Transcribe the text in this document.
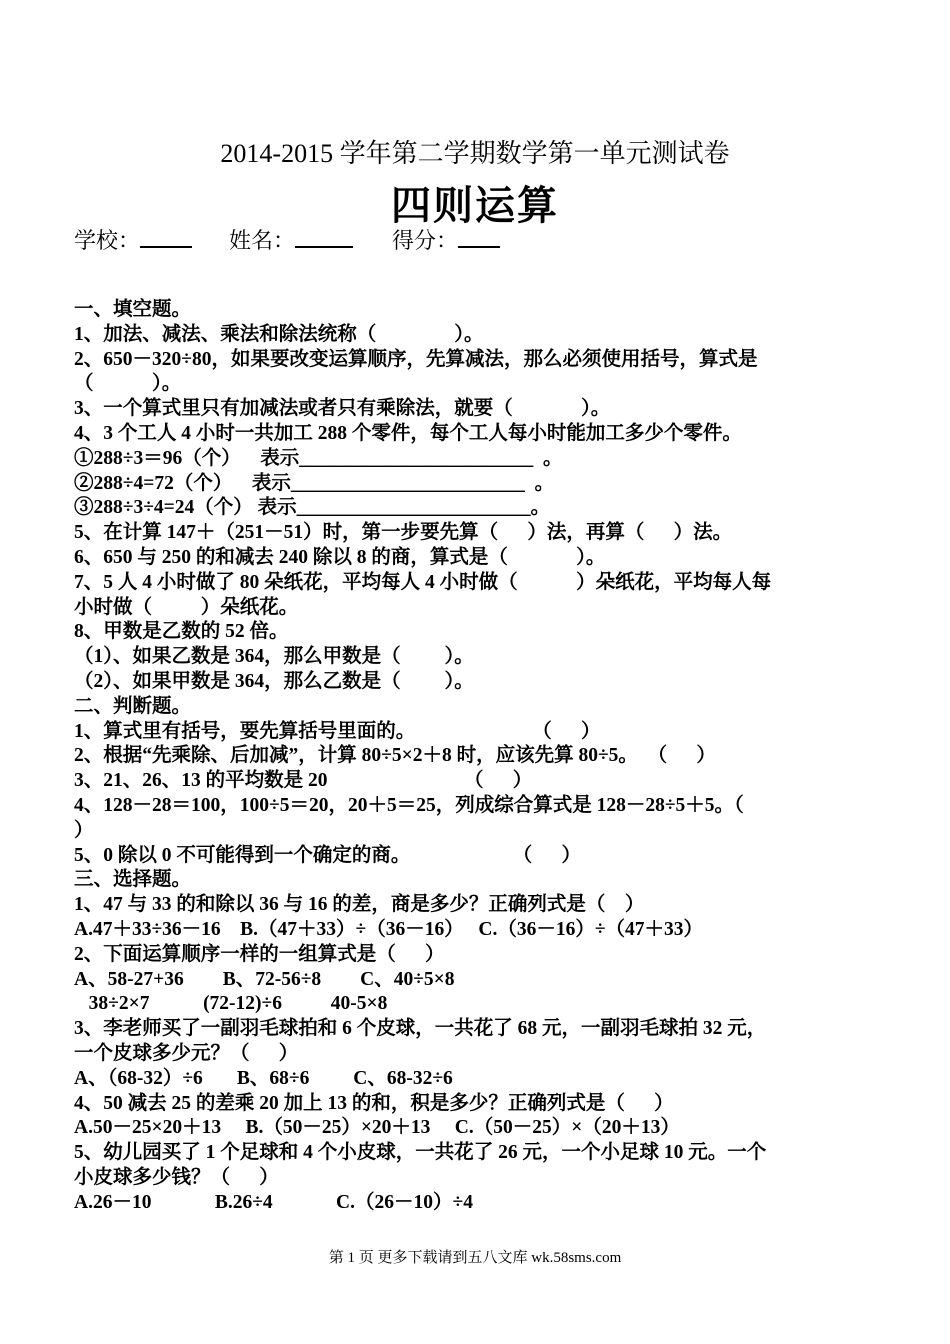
2014-2015 学年第二学期数学第一单元测试卷
四则运算
学校：	姓名：	得分：
一、填空题。
1、加法、减法、乘法和除法统称（                ）。
2、650－320÷80，如果要改变运算顺序，先算减法，那么必须使用括号，算式是
（            ）。
3、一个算式里只有加减法或者只有乘除法，就要（              ）。
4、3 个工人 4 小时一共加工 288 个零件，每个工人每小时能加工多少个零件。
①288÷3＝96（个）    表示________________________  。
②288÷4=72（个）    表示________________________  。
③288÷3÷4=24（个） 表示________________________。
5、在计算 147＋（251－51）时，第一步要先算（      ）法，再算（      ）法。
6、650 与 250 的和减去 240 除以 8 的商，算式是（              ）。
7、5 人 4 小时做了 80 朵纸花，平均每人 4 小时做（            ）朵纸花，平均每人每
小时做（          ）朵纸花。
8、甲数是乙数的 52 倍。
（1）、如果乙数是 364，那么甲数是（         ）。
（2）、如果甲数是 364，那么乙数是（         ）。
二、判断题。
1、算式里有括号，要先算括号里面的。                        （      ）
2、根据“先乘除、后加减”，计算 80÷5×2＋8 时，应该先算 80÷5。  （      ）
3、21、26、13 的平均数是 20                            （      ）
4、128－28＝100，100÷5＝20，20＋5＝25，列成综合算式是 128－28÷5＋5。（
）
5、0 除以 0 不可能得到一个确定的商。                     （      ）
三、选择题。
1、47 与 33 的和除以 36 与 16 的差，商是多少？正确列式是（    ）
A.47＋33÷36－16    B.（47＋33）÷（36－16）   C.（36－16）÷（47＋33）
2、下面运算顺序一样的一组算式是（      ）
A、58-27+36        B、72-56÷8        C、40÷5×8
38÷2×7           (72-12)÷6          40-5×8
3、李老师买了一副羽毛球拍和 6 个皮球，一共花了 68 元，一副羽毛球拍 32 元，
一个皮球多少元？（      ）
A、（68-32）÷6       B、68÷6         C、68-32÷6
4、50 减去 25 的差乘 20 加上 13 的和，积是多少？正确列式是（      ）
A.50－25×20＋13     B.（50－25）×20＋13     C.（50－25）×（20＋13）
5、幼儿园买了 1 个足球和 4 个小皮球，一共花了 26 元，一个小足球 10 元。一个
小皮球多少钱？（      ）
A.26－10             B.26÷4             C.（26－10）÷4
第 1 页 更多下载请到五八文库 wk.58sms.com
